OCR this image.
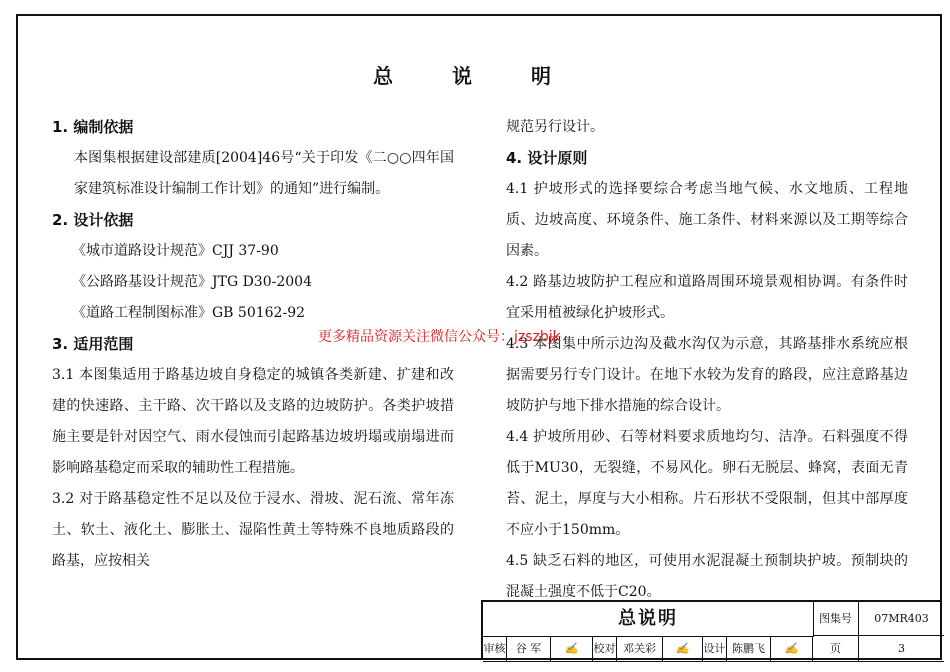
总 说 明
1. 编制依据

本图集根据建设部建质[2004]46号“关于印发《二○○四年国家建筑标准设计编制工作计划》的通知”进行编制。

2. 设计依据
《城市道路设计规范》CJJ 37-90
《公路路基设计规范》JTG D30-2004
《道路工程制图标准》GB 50162-92
3. 适用范围

3.1 本图集适用于路基边坡自身稳定的城镇各类新建、扩建和改建的快速路、主干路、次干路以及支路的边坡防护。各类护坡措施主要是针对因空气、雨水侵蚀而引起路基边坡坍塌或崩塌进而影响路基稳定而采取的辅助性工程措施。

3.2 对于路基稳定性不足以及位于浸水、滑坡、泥石流、常年冻土、软土、液化土、膨胀土、湿陷性黄土等特殊不良地质路段的路基，应按相关

规范另行设计。

4. 设计原则

4.1 护坡形式的选择要综合考虑当地气候、水文地质、工程地质、边坡高度、环境条件、施工条件、材料来源以及工期等综合因素。

4.2 路基边坡防护工程应和道路周围环境景观相协调。有条件时宜采用植被绿化护坡形式。

4.3 本图集中所示边沟及截水沟仅为示意，其路基排水系统应根据需要另行专门设计。在地下水较为发育的路段，应注意路基边坡防护与地下排水措施的综合设计。

4.4 护坡所用砂、石等材料要求质地均匀、洁净。石料强度不得低于MU30，无裂缝，不易风化。卵石无脱层、蜂窝，表面无青苔、泥土，厚度与大小相称。片石形状不受限制，但其中部厚度不应小于150mm。

4.5 缺乏石料的地区，可使用水泥混凝土预制块护坡。预制块的混凝土强度不低于C20。

更多精品资源关注微信公众号：jzszbjk
总说明	图集号	07MR403
审核 谷 军	✍	校对 邓关彩	✍	设计 陈鹏飞	✍	页	3
